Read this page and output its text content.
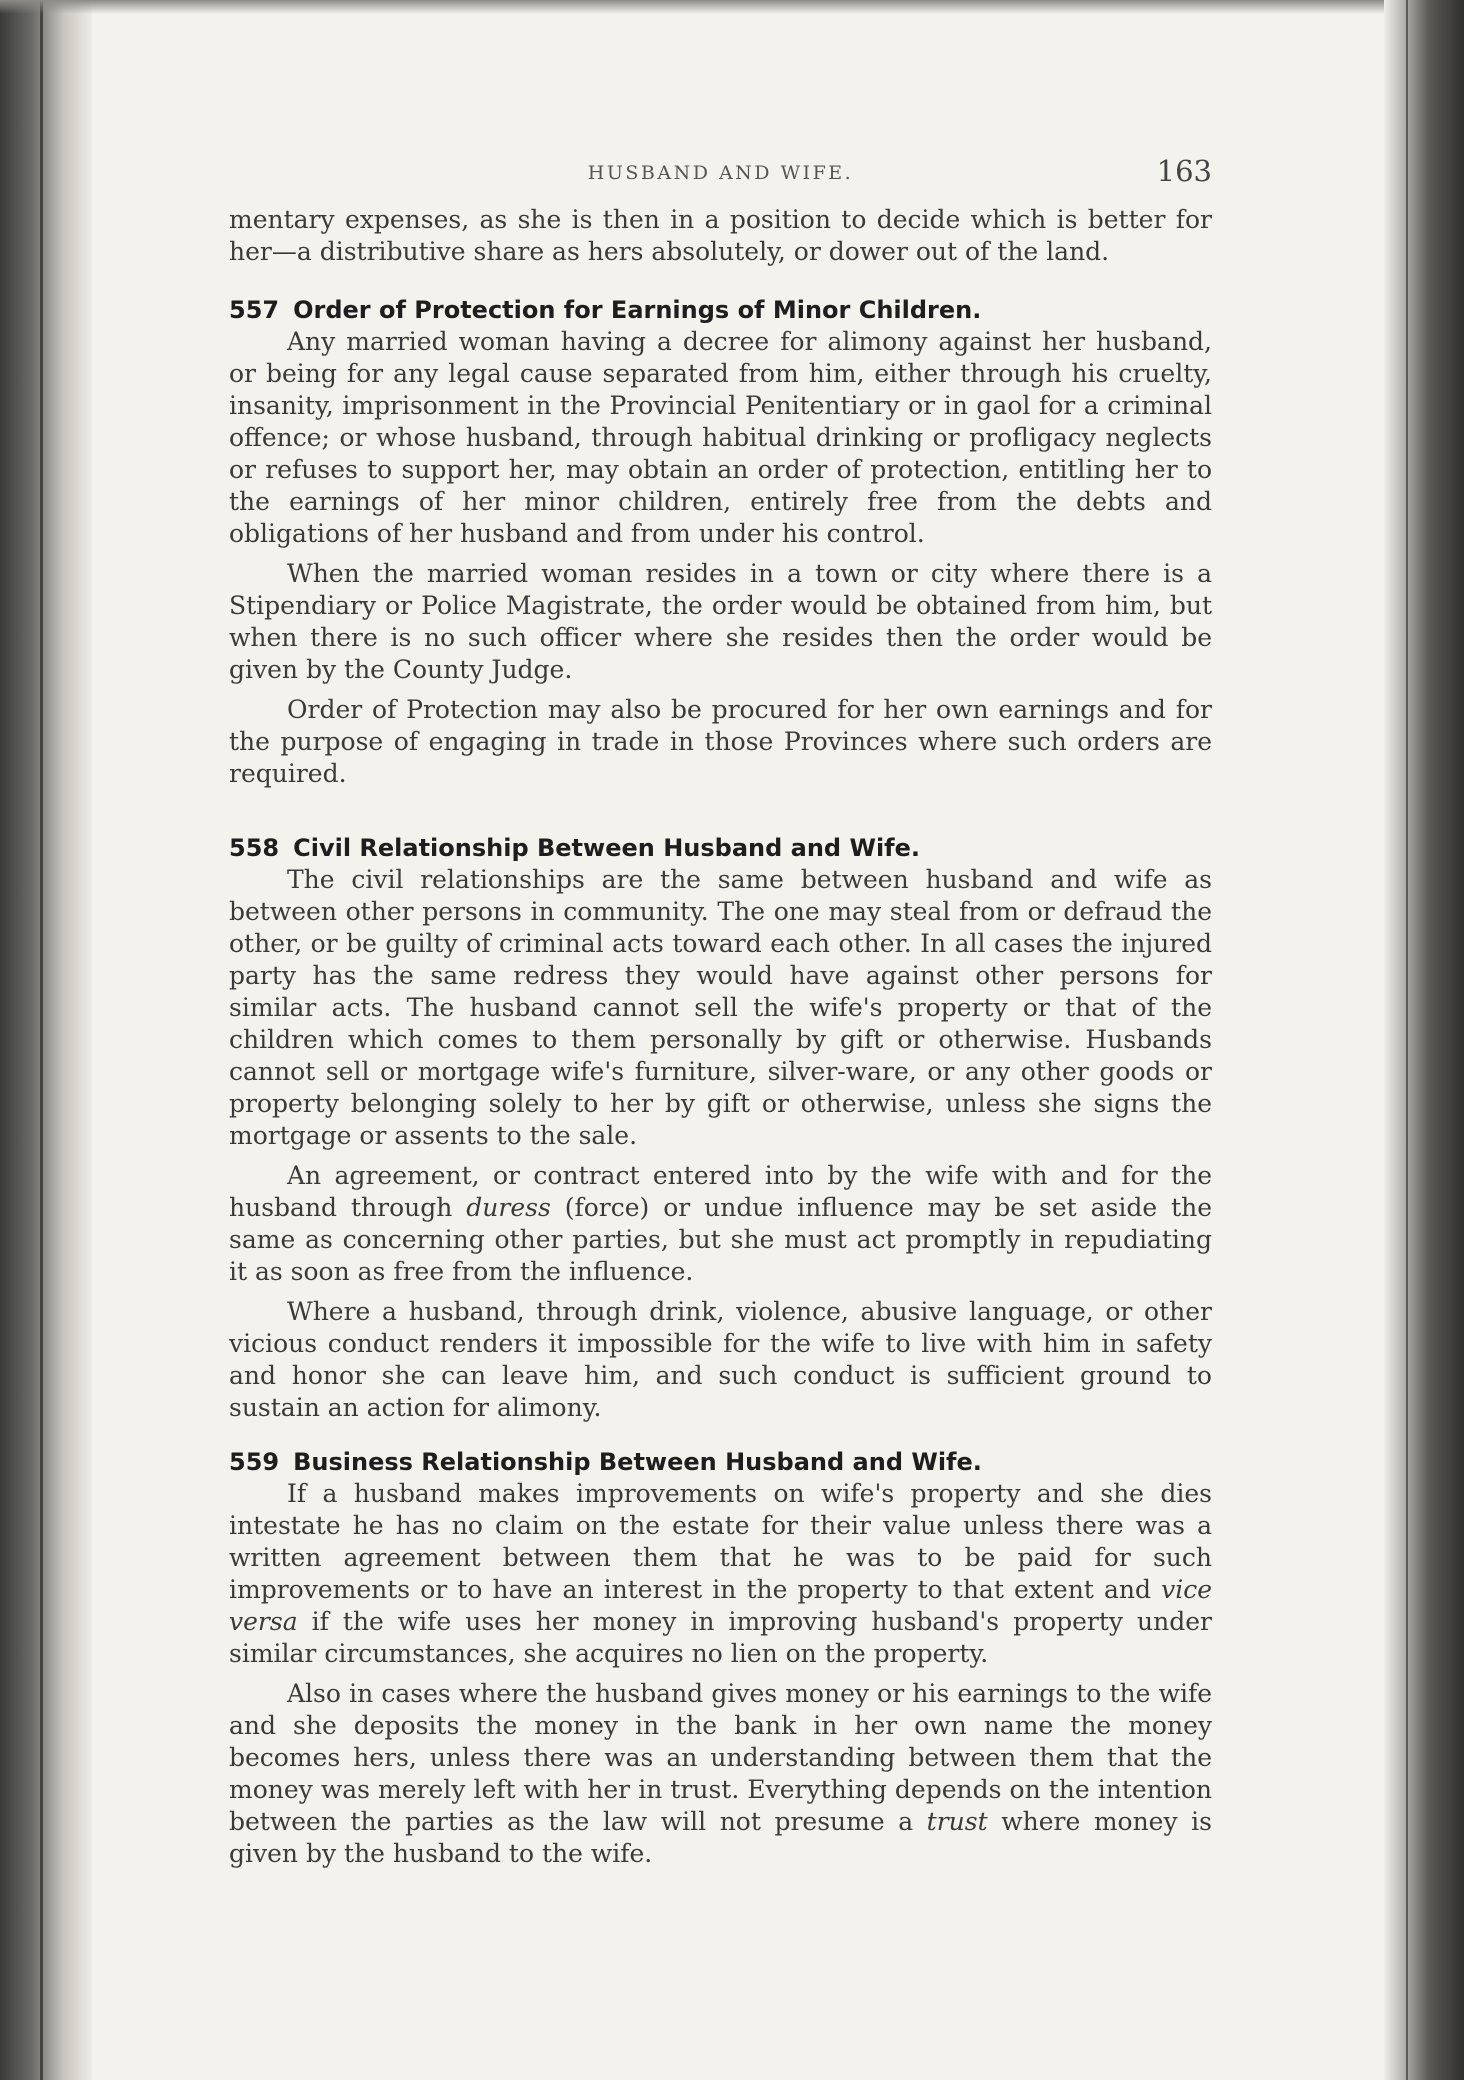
HUSBAND AND WIFE.	163

mentary expenses, as she is then in a position to decide which is better for her—a distributive share as hers absolutely, or dower out of the land.

557 Order of Protection for Earnings of Minor Children.

Any married woman having a decree for alimony against her husband, or being for any legal cause separated from him, either through his cruelty, insanity, imprisonment in the Provincial Penitentiary or in gaol for a criminal offence; or whose husband, through habitual drinking or profligacy neglects or refuses to support her, may obtain an order of protection, entitling her to the earnings of her minor children, entirely free from the debts and obligations of her husband and from under his control.

When the married woman resides in a town or city where there is a Stipendiary or Police Magistrate, the order would be obtained from him, but when there is no such officer where she resides then the order would be given by the County Judge.

Order of Protection may also be procured for her own earnings and for the purpose of engaging in trade in those Provinces where such orders are required.

558 Civil Relationship Between Husband and Wife.

The civil relationships are the same between husband and wife as between other persons in community. The one may steal from or defraud the other, or be guilty of criminal acts toward each other. In all cases the injured party has the same redress they would have against other persons for similar acts. The husband cannot sell the wife's property or that of the children which comes to them personally by gift or otherwise. Husbands cannot sell or mortgage wife's furniture, silver-ware, or any other goods or property belonging solely to her by gift or otherwise, unless she signs the mortgage or assents to the sale.

An agreement, or contract entered into by the wife with and for the husband through duress (force) or undue influence may be set aside the same as concerning other parties, but she must act promptly in repudiating it as soon as free from the influence.

Where a husband, through drink, violence, abusive language, or other vicious conduct renders it impossible for the wife to live with him in safety and honor she can leave him, and such conduct is sufficient ground to sustain an action for alimony.

559 Business Relationship Between Husband and Wife.

If a husband makes improvements on wife's property and she dies intestate he has no claim on the estate for their value unless there was a written agreement between them that he was to be paid for such improvements or to have an interest in the property to that extent and vice versa if the wife uses her money in improving husband's property under similar circumstances, she acquires no lien on the property.

Also in cases where the husband gives money or his earnings to the wife and she deposits the money in the bank in her own name the money becomes hers, unless there was an understanding between them that the money was merely left with her in trust. Everything depends on the intention between the parties as the law will not presume a trust where money is given by the husband to the wife.
